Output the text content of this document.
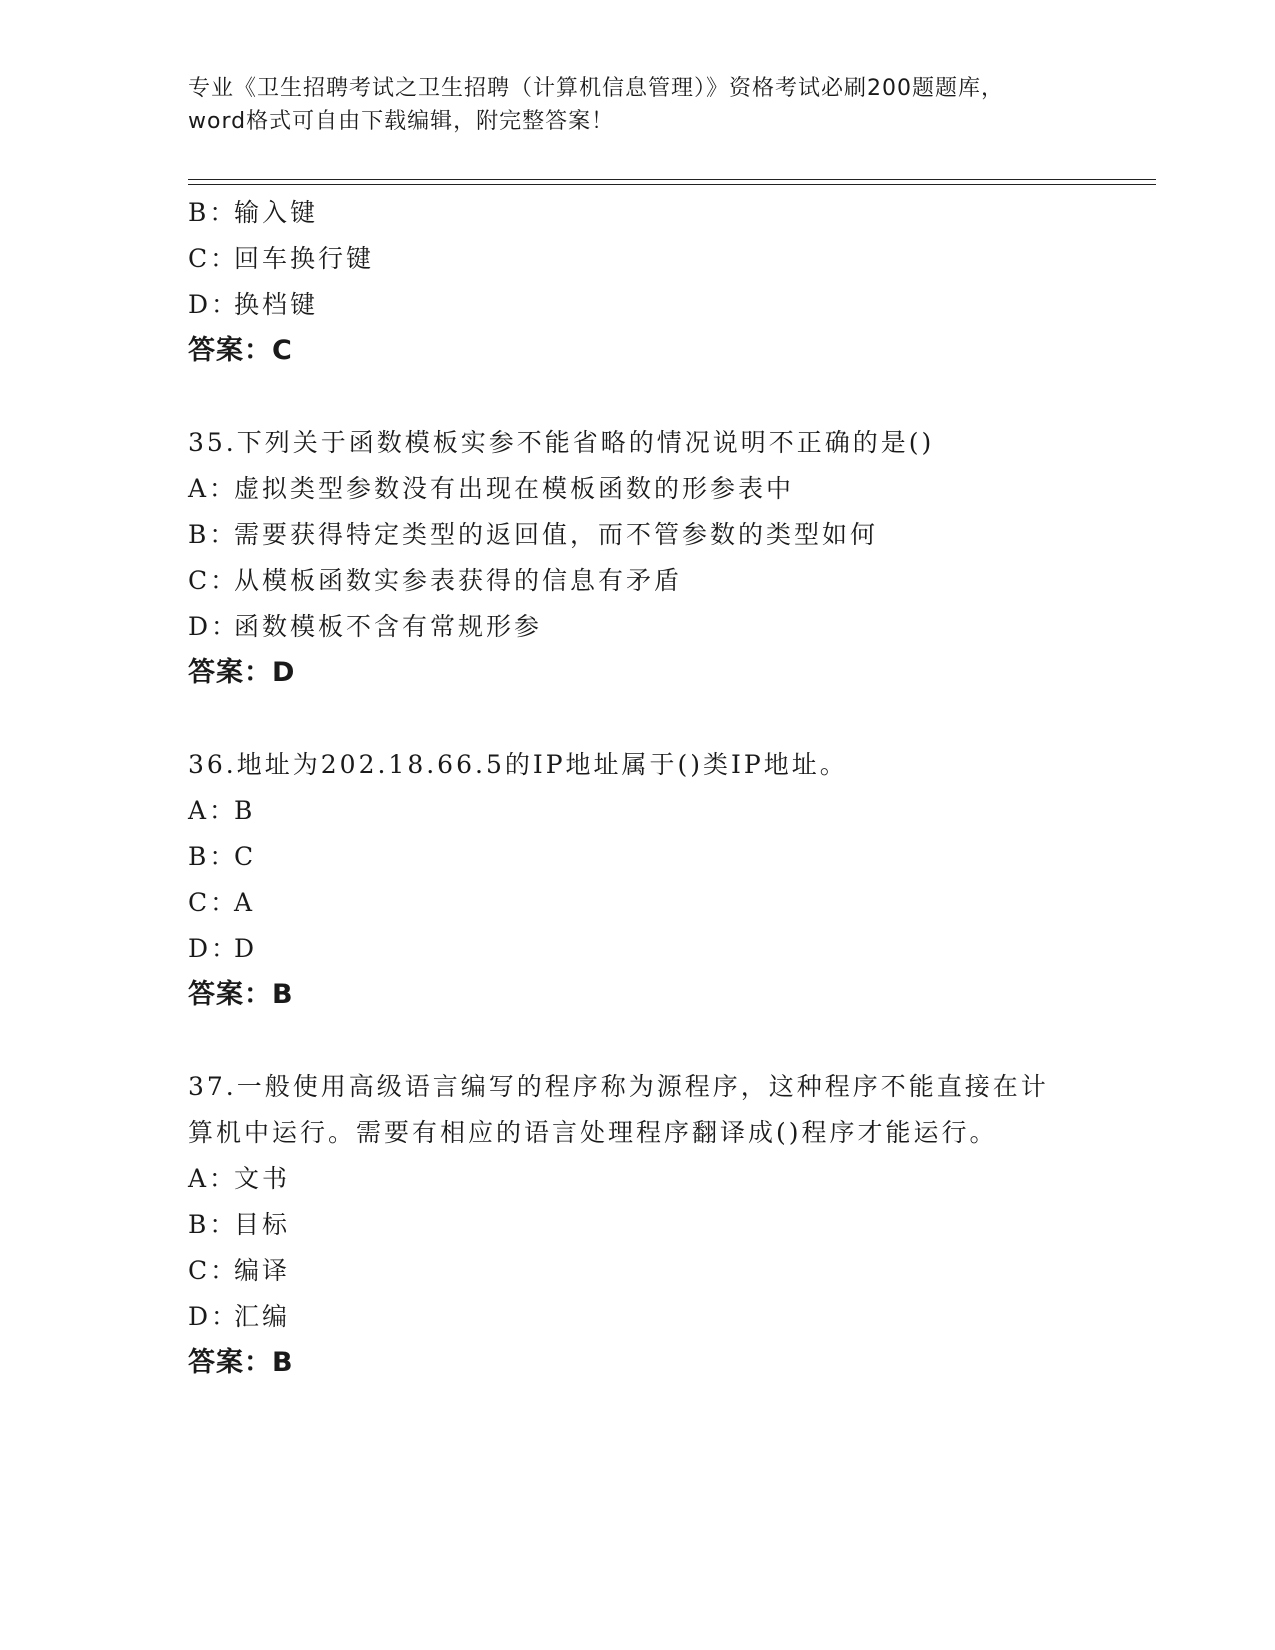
专业《卫生招聘考试之卫生招聘（计算机信息管理）》资格考试必刷200题题库，
word格式可自由下载编辑，附完整答案！
B：输入键
C：回车换行键
D：换档键
答案：C
35.下列关于函数模板实参不能省略的情况说明不正确的是()
A：虚拟类型参数没有出现在模板函数的形参表中
B：需要获得特定类型的返回值，而不管参数的类型如何
C：从模板函数实参表获得的信息有矛盾
D：函数模板不含有常规形参
答案：D
36.地址为202.18.66.5的IP地址属于()类IP地址。
A：B
B：C
C：A
D：D
答案：B
37.一般使用高级语言编写的程序称为源程序，这种程序不能直接在计
算机中运行。需要有相应的语言处理程序翻译成()程序才能运行。
A：文书
B：目标
C：编译
D：汇编
答案：B
